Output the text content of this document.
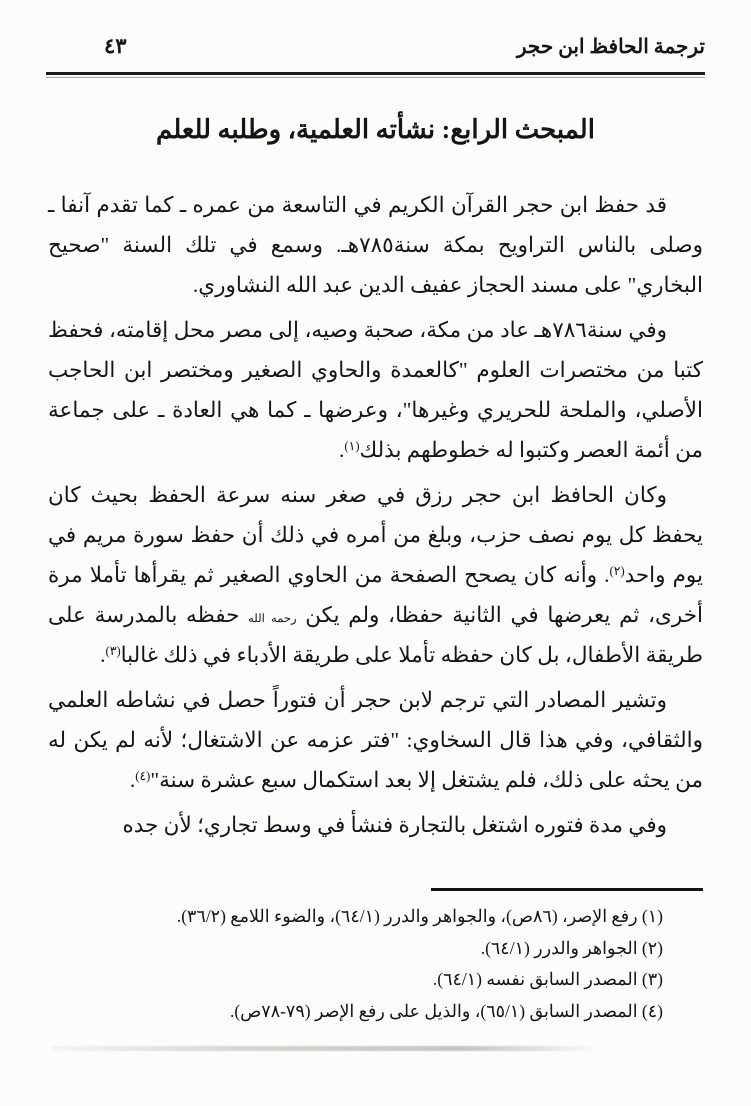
ترجمة الحافظ ابن حجر
٤٣
المبحث الرابع: نشأته العلمية، وطلبه للعلم

قد حفظ ابن حجر القرآن الكريم في التاسعة من عمره ـ كما تقدم آنفا ـ وصلى بالناس التراويح بمكة سنة٧٨٥هـ. وسمع في تلك السنة "صحيح البخاري" على مسند الحجاز عفيف الدين عبد الله النشاوري.

وفي سنة٧٨٦هـ عاد من مكة، صحبة وصيه، إلى مصر محل إقامته، فحفظ كتبا من مختصرات العلوم "كالعمدة والحاوي الصغير ومختصر ابن الحاجب الأصلي، والملحة للحريري وغيرها"، وعرضها ـ كما هي العادة ـ على جماعة من أئمة العصر وكتبوا له خطوطهم بذلك$^{(١)}$.

وكان الحافظ ابن حجر رزق في صغر سنه سرعة الحفظ بحيث كان يحفظ كل يوم نصف حزب، وبلغ من أمره في ذلك أن حفظ سورة مريم في يوم واحد$^{(٢)}$. وأنه كان يصحح الصفحة من الحاوي الصغير ثم يقرأها تأملا مرة أخرى، ثم يعرضها في الثانية حفظا، ولم يكن رحمه الله حفظه بالمدرسة على طريقة الأطفال، بل كان حفظه تأملا على طريقة الأدباء في ذلك غالبا$^{(٣)}$.

وتشير المصادر التي ترجم لابن حجر أن فتوراً حصل في نشاطه العلمي والثقافي، وفي هذا قال السخاوي: "فتر عزمه عن الاشتغال؛ لأنه لم يكن له من يحثه على ذلك، فلم يشتغل إلا بعد استكمال سبع عشرة سنة"$^{(٤)}$.

وفي مدة فتوره اشتغل بالتجارة فنشأ في وسط تجاري؛ لأن جده

(١) رفع الإصر، (ص٨٦)، والجواهر والدرر (٦٤/١)، والضوء اللامع (٣٦/٢).
(٢) الجواهر والدرر (٦٤/١).
(٣) المصدر السابق نفسه (٦٤/١).
(٤) المصدر السابق (٦٥/١)، والذيل على رفع الإصر (ص٧٨-٧٩).
